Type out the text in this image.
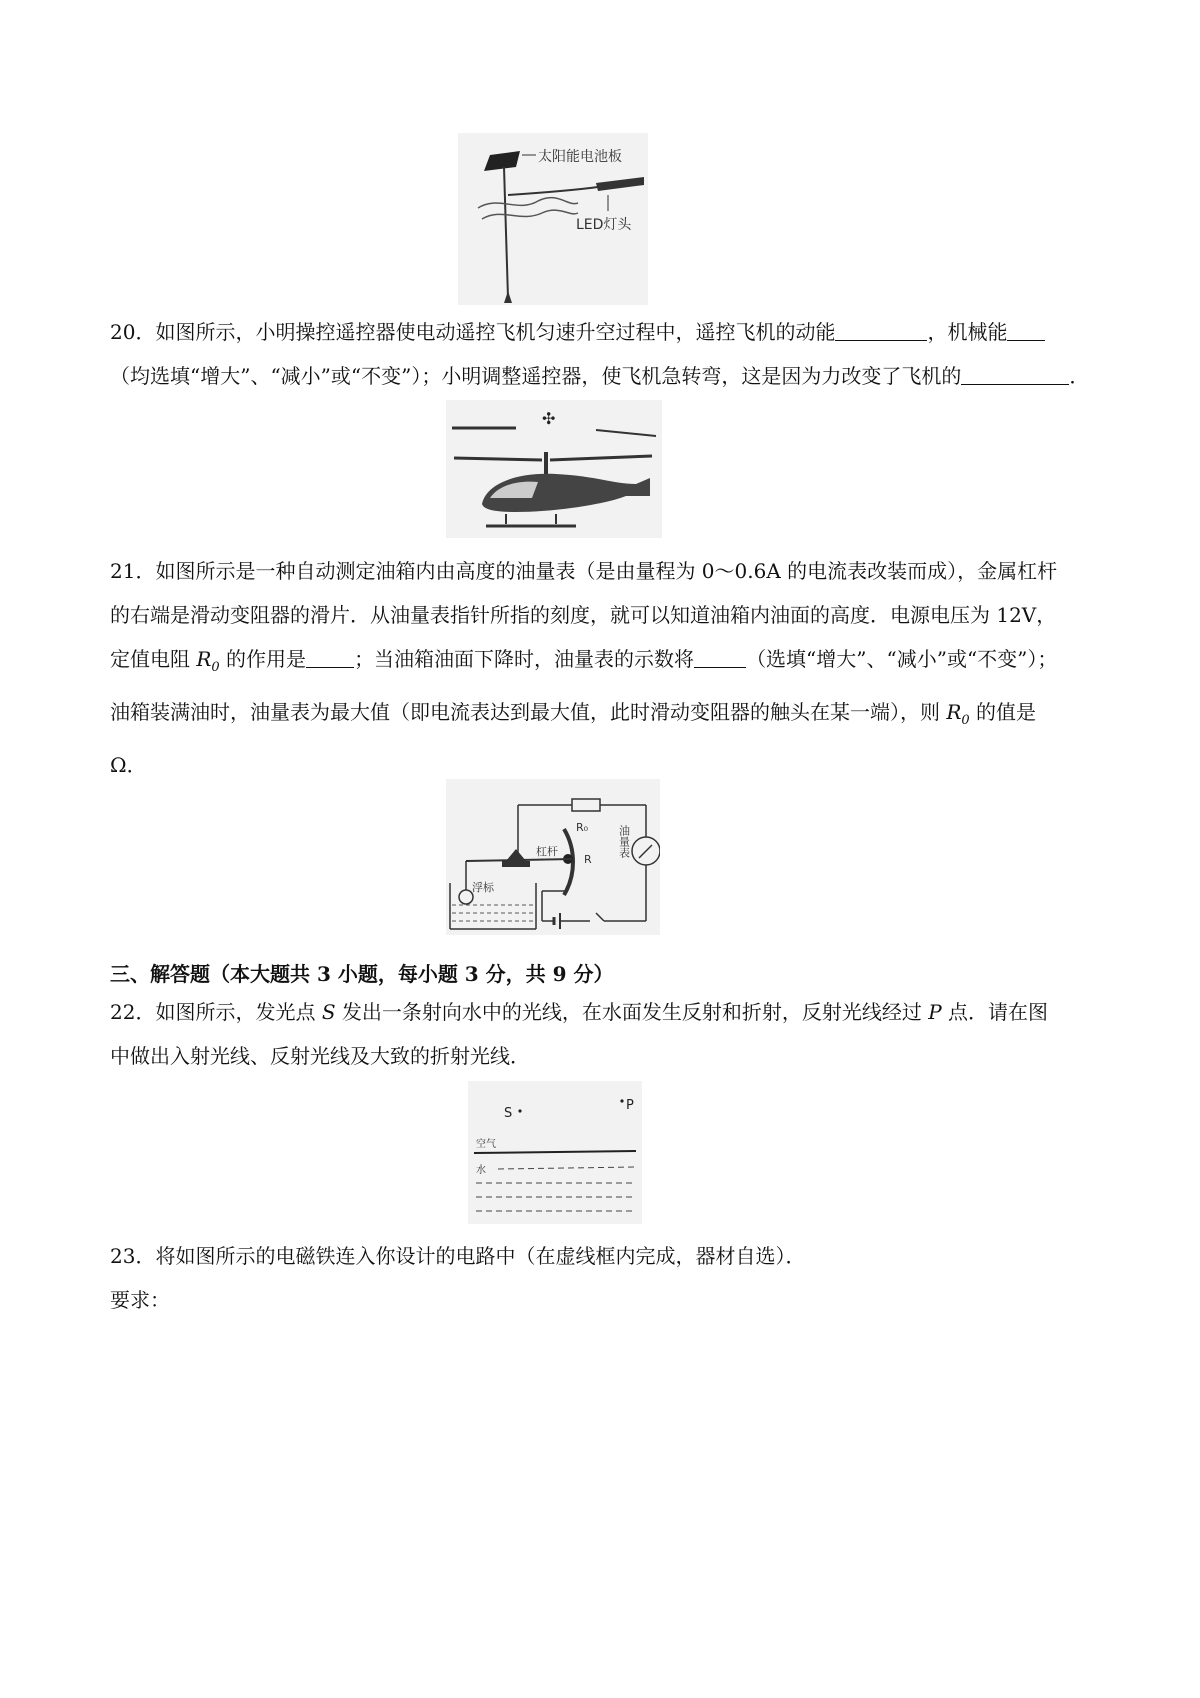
太阳能电池板
LED灯头
20．如图所示，小明操控遥控器使电动遥控飞机匀速升空过程中，遥控飞机的动能	，机械能
（均选填“增大”、“减小”或“不变”）；小明调整遥控器，使飞机急转弯，这是因为力改变了飞机的	．
✣
21．如图所示是一种自动测定油箱内由高度的油量表（是由量程为 0～0.6A 的电流表改装而成），金属杠杆
的右端是滑动变阻器的滑片．从油量表指针所指的刻度，就可以知道油箱内油面的高度．电源电压为 12V，
定值电阻 $R_0$ 的作用是 ；当油箱油面下降时，油量表的示数将	（选填“增大”、“减小”或“不变”）；
油箱装满油时，油量表为最大值（即电流表达到最大值，此时滑动变阻器的触头在某一端），则 $R_0$ 的值是
Ω．
R₀	油量表
R
杠杆
浮标
三、解答题（本大题共 3 小题，每小题 3 分，共 9 分）
22．如图所示，发光点 S 发出一条射向水中的光线，在水面发生反射和折射，反射光线经过 P 点．请在图
中做出入射光线、反射光线及大致的折射光线．
S
P
空气
水
23．将如图所示的电磁铁连入你设计的电路中（在虚线框内完成，器材自选）．
要求：
